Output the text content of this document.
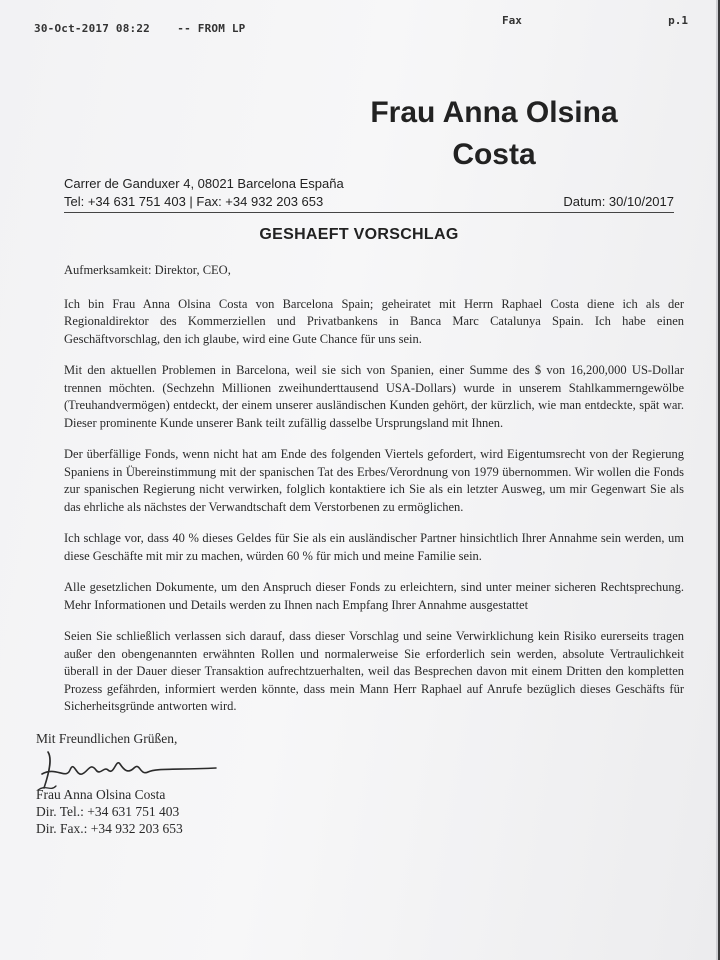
30-Oct-2017 08:22 -- FROM LP
Fax	p.1
Frau Anna Olsina
Costa
Carrer de Ganduxer 4, 08021 Barcelona España
Tel: +34 631 751 403 | Fax: +34 932 203 653	Datum: 30/10/2017
GESHAEFT VORSCHLAG

Aufmerksamkeit: Direktor, CEO,

Ich bin Frau Anna Olsina Costa von Barcelona Spain; geheiratet mit Herrn Raphael Costa diene ich als der Regionaldirektor des Kommerziellen und Privatbankens in Banca Marc Catalunya Spain. Ich habe einen Geschäftvorschlag, den ich glaube, wird eine Gute Chance für uns sein.

Mit den aktuellen Problemen in Barcelona, weil sie sich von Spanien, einer Summe des $ von 16,200,000 US-Dollar trennen möchten. (Sechzehn Millionen zweihunderttausend USA-Dollars) wurde in unserem Stahlkammerngewölbe (Treuhandvermögen) entdeckt, der einem unserer ausländischen Kunden gehört, der kürzlich, wie man entdeckte, spät war. Dieser prominente Kunde unserer Bank teilt zufällig dasselbe Ursprungsland mit Ihnen.

Der überfällige Fonds, wenn nicht hat am Ende des folgenden Viertels gefordert, wird Eigentumsrecht von der Regierung Spaniens in Übereinstimmung mit der spanischen Tat des Erbes/Verordnung von 1979 übernommen. Wir wollen die Fonds zur spanischen Regierung nicht verwirken, folglich kontaktiere ich Sie als ein letzter Ausweg, um mir Gegenwart Sie als das ehrliche als nächstes der Verwandtschaft dem Verstorbenen zu ermöglichen.

Ich schlage vor, dass 40 % dieses Geldes für Sie als ein ausländischer Partner hinsichtlich Ihrer Annahme sein werden, um diese Geschäfte mit mir zu machen, würden 60 % für mich und meine Familie sein.

Alle gesetzlichen Dokumente, um den Anspruch dieser Fonds zu erleichtern, sind unter meiner sicheren Rechtsprechung. Mehr Informationen und Details werden zu Ihnen nach Empfang Ihrer Annahme ausgestattet

Seien Sie schließlich verlassen sich darauf, dass dieser Vorschlag und seine Verwirklichung kein Risiko eurerseits tragen außer den obengenannten erwähnten Rollen und normalerweise Sie erforderlich sein werden, absolute Vertraulichkeit überall in der Dauer dieser Transaktion aufrechtzuerhalten, weil das Besprechen davon mit einem Dritten den kompletten Prozess gefährden, informiert werden könnte, dass mein Mann Herr Raphael auf Anrufe bezüglich dieses Geschäfts für Sicherheitsgründe antworten wird.

Mit Freundlichen Grüßen,
Frau Anna Olsina Costa
Dir. Tel.: +34 631 751 403
Dir. Fax.: +34 932 203 653
